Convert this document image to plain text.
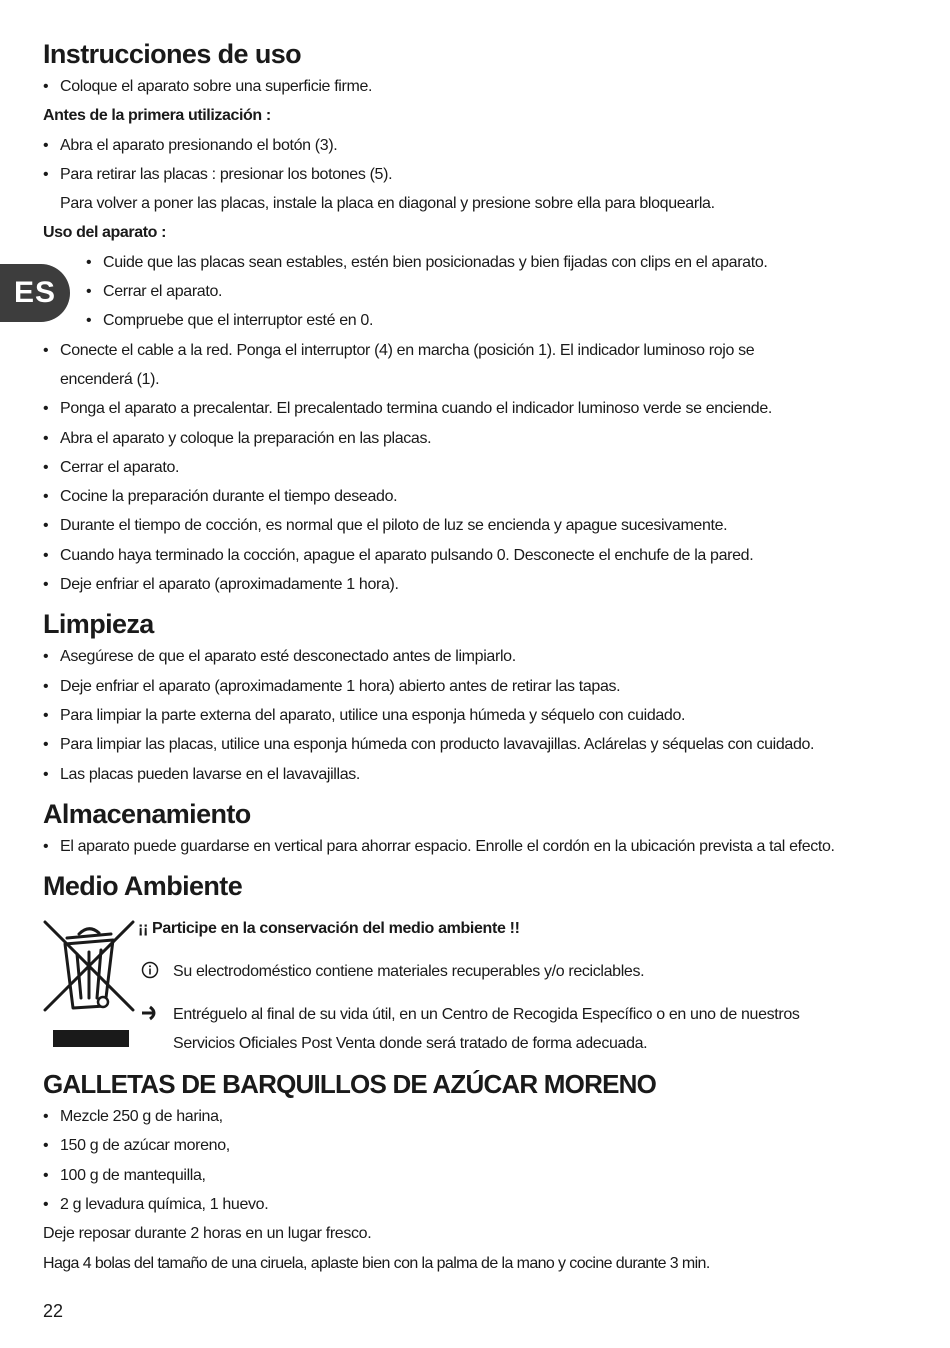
ES
Instrucciones de uso
• Coloque el aparato sobre una superficie firme.
Antes de la primera utilización :
• Abra el aparato presionando el botón (3).
• Para retirar las placas : presionar los botones (5).
Para volver a poner las placas, instale la placa en diagonal y presione sobre ella para bloquearla.
Uso del aparato :
• Cuide que las placas sean estables, estén bien posicionadas y bien fijadas con clips en el aparato.
• Cerrar el aparato.
• Compruebe que el interruptor esté en 0.
• Conecte el cable a la red. Ponga el interruptor (4) en marcha (posición 1). El indicador luminoso rojo se
encenderá (1).
• Ponga el aparato a precalentar. El precalentado termina cuando el indicador luminoso verde se enciende.
• Abra el aparato y coloque la preparación en las placas.
• Cerrar el aparato.
• Cocine la preparación durante el tiempo deseado.
• Durante el tiempo de cocción, es normal que el piloto de luz se encienda y apague sucesivamente.
• Cuando haya terminado la cocción, apague el aparato pulsando 0. Desconecte el enchufe de la pared.
• Deje enfriar el aparato (aproximadamente 1 hora).
Limpieza
• Asegúrese de que el aparato esté desconectado antes de limpiarlo.
• Deje enfriar el aparato (aproximadamente 1 hora) abierto antes de retirar las tapas.
• Para limpiar la parte externa del aparato, utilice una esponja húmeda y séquelo con cuidado.
• Para limpiar las placas, utilice una esponja húmeda con producto lavavajillas. Aclárelas y séquelas con cuidado.
• Las placas pueden lavarse en el lavavajillas.
Almacenamiento
• El aparato puede guardarse en vertical para ahorrar espacio. Enrolle el cordón en la ubicación prevista a tal efecto.
Medio Ambiente
¡¡ Participe en la conservación del medio ambiente !!
Su electrodoméstico contiene materiales recuperables y/o reciclables.
Entréguelo al final de su vida útil, en un Centro de Recogida Específico o en uno de nuestros
Servicios Oficiales Post Venta donde será tratado de forma adecuada.
GALLETAS DE BARQUILLOS DE AZÚCAR MORENO
• Mezcle 250 g de harina,
• 150 g de azúcar moreno,
• 100 g de mantequilla,
• 2 g levadura química, 1 huevo.
Deje reposar durante 2 horas en un lugar fresco.
Haga 4 bolas del tamaño de una ciruela, aplaste bien con la palma de la mano y cocine durante 3 min.
22
